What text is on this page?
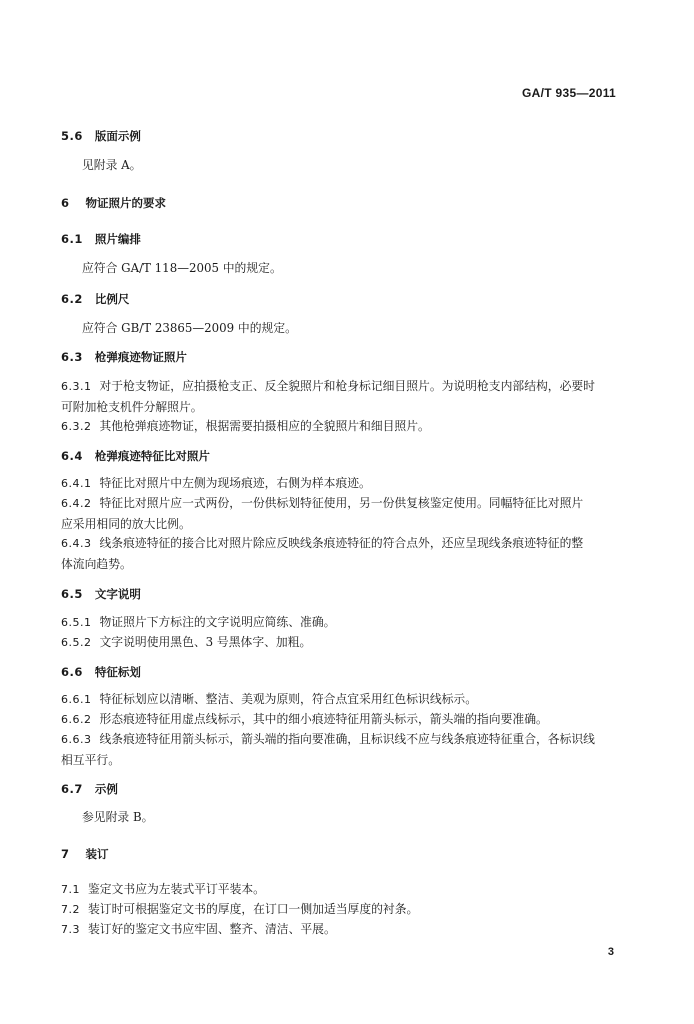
GA/T 935—2011
5.6 版面示例
见附录 A。
6 物证照片的要求
6.1 照片编排
应符合 GA/T 118—2005 中的规定。
6.2 比例尺
应符合 GB/T 23865—2009 中的规定。
6.3 枪弹痕迹物证照片
6.3.1 对于枪支物证，应拍摄枪支正、反全貌照片和枪身标记细目照片。为说明枪支内部结构，必要时
可附加枪支机件分解照片。
6.3.2 其他枪弹痕迹物证，根据需要拍摄相应的全貌照片和细目照片。
6.4 枪弹痕迹特征比对照片
6.4.1 特征比对照片中左侧为现场痕迹，右侧为样本痕迹。
6.4.2 特征比对照片应一式两份，一份供标划特征使用，另一份供复核鉴定使用。同幅特征比对照片
应采用相同的放大比例。
6.4.3 线条痕迹特征的接合比对照片除应反映线条痕迹特征的符合点外，还应呈现线条痕迹特征的整
体流向趋势。
6.5 文字说明
6.5.1 物证照片下方标注的文字说明应简练、准确。
6.5.2 文字说明使用黑色、3 号黑体字、加粗。
6.6 特征标划
6.6.1 特征标划应以清晰、整洁、美观为原则，符合点宜采用红色标识线标示。
6.6.2 形态痕迹特征用虚点线标示，其中的细小痕迹特征用箭头标示，箭头端的指向要准确。
6.6.3 线条痕迹特征用箭头标示，箭头端的指向要准确，且标识线不应与线条痕迹特征重合，各标识线
相互平行。
6.7 示例
参见附录 B。
7 装订
7.1 鉴定文书应为左装式平订平装本。
7.2 装订时可根据鉴定文书的厚度，在订口一侧加适当厚度的衬条。
7.3 装订好的鉴定文书应牢固、整齐、清洁、平展。
3
